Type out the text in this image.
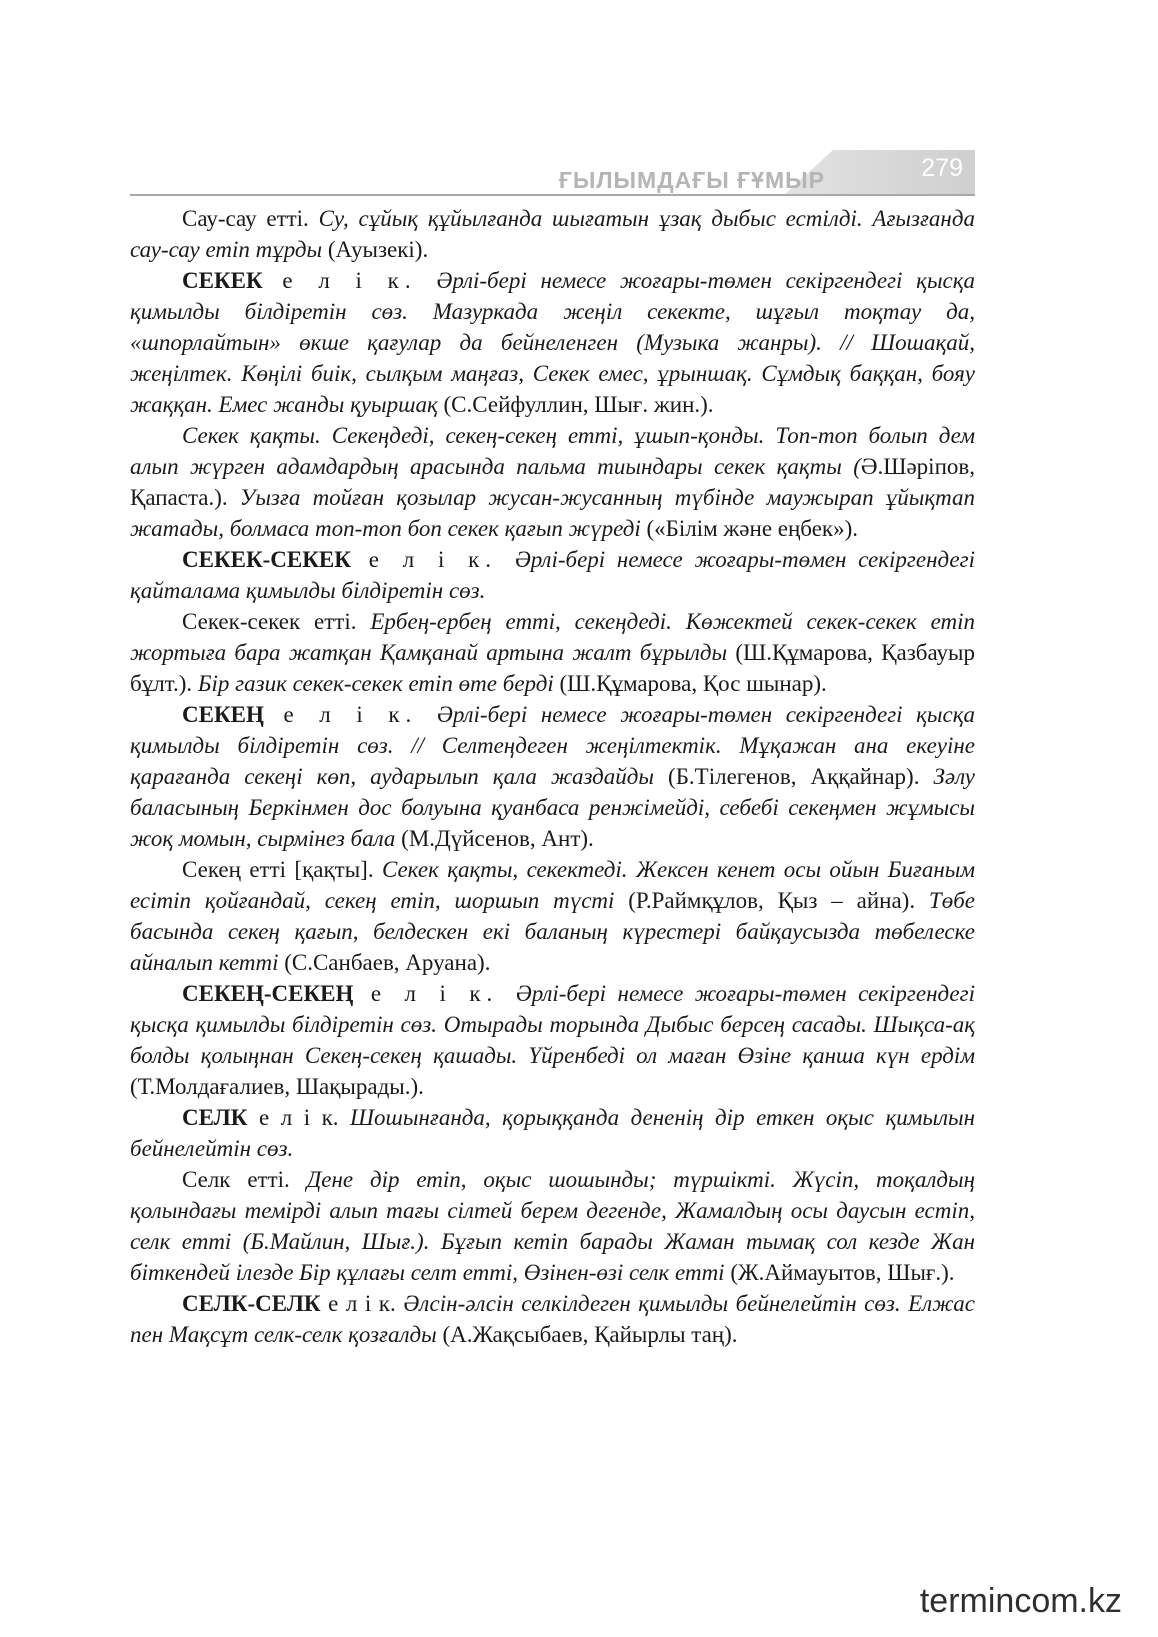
ҒЫЛЫМДАҒЫ ҒҰМЫР	279

Сау-сау етті. Су, сұйық құйылғанда шығатын ұзақ дыбыс естілді. Ағызғанда сау-сау етіп тұрды (Ауызекі).

СЕКЕК е л і к. Әрлі-бері немесе жоғары-төмен секіргендегі қысқа қимылды білдіретін сөз. Мазуркада жеңіл секекте, шұғыл тоқтау да, «шпорлайтын» өкше қағулар да бейнеленген (Музыка жанры). // Шошақай, жеңілтек. Көңілі биік, сылқым маңғаз, Секек емес, ұрыншақ. Сұмдық баққан, бояу жаққан. Емес жанды қуыршақ (С.Сейфуллин, Шығ. жин.).

Секек қақты. Секеңдеді, секең-секең етті, ұшып-қонды. Топ-топ болып дем алып жүрген адамдардың арасында пальма тиындары секек қақты (Ә.Шәріпов, Қапаста.). Уызға тойған қозылар жусан-жусанның түбінде маужырап ұйықтап жатады, болмаса топ-топ боп секек қағып жүреді («Білім және еңбек»).

СЕКЕК-СЕКЕК е л і к. Әрлі-бері немесе жоғары-төмен секіргендегі қайталама қимылды білдіретін сөз.

Секек-секек етті. Ербең-ербең етті, секеңдеді. Көжектей секек-секек етіп жортыға бара жатқан Қамқанай артына жалт бұрылды (Ш.Құмарова, Қазбауыр бұлт.). Бір газик секек-секек етіп өте берді (Ш.Құмарова, Қос шынар).

СЕКЕҢ е л і к. Әрлі-бері немесе жоғары-төмен секіргендегі қысқа қимылды білдіретін сөз. // Селтеңдеген жеңілтектік. Мұқажан ана екеуіне қарағанда секеңі көп, аударылып қала жаздайды (Б.Тілегенов, Аққайнар). Зәлу баласының Беркінмен дос болуына қуанбаса ренжімейді, себебі секеңмен жұмысы жоқ момын, сырмінез бала (М.Дүйсенов, Ант).

Секең етті [қақты]. Секек қақты, секектеді. Жексен кенет осы ойын Биғаным есітіп қойғандай, секең етіп, шоршып түсті (Р.Раймқұлов, Қыз – айна). Төбе басында секең қағып, белдескен екі баланың күрестері байқаусызда төбелеске айналып кетті (С.Санбаев, Аруана).

СЕКЕҢ-СЕКЕҢ е л і к. Әрлі-бері немесе жоғары-төмен секіргендегі қысқа қимылды білдіретін сөз. Отырады торында Дыбыс берсең сасады. Шықса-ақ болды қолыңнан Секең-секең қашады. Үйренбеді ол маған Өзіне қанша күн ердім (Т.Молдағалиев, Шақырады.).

СЕЛК е л і к. Шошынғанда, қорыққанда дененің дір еткен оқыс қимылын бейнелейтін сөз.

Селк етті. Дене дір етіп, оқыс шошынды; түршікті. Жүсіп, тоқалдың қолындағы темірді алып тағы сілтей берем дегенде, Жамалдың осы даусын естіп, селк етті (Б.Майлин, Шығ.). Бұғып кетіп барады Жаман тымақ сол кезде Жан біткендей ілезде Бір құлағы селт етті, Өзінен-өзі селк етті (Ж.Аймауытов, Шығ.).

СЕЛК-СЕЛК е л і к. Әлсін-әлсін селкілдеген қимылды бейнелейтін сөз. Елжас пен Мақсұт селк-селк қозғалды (А.Жақсыбаев, Қайырлы таң).

termincom.kz
